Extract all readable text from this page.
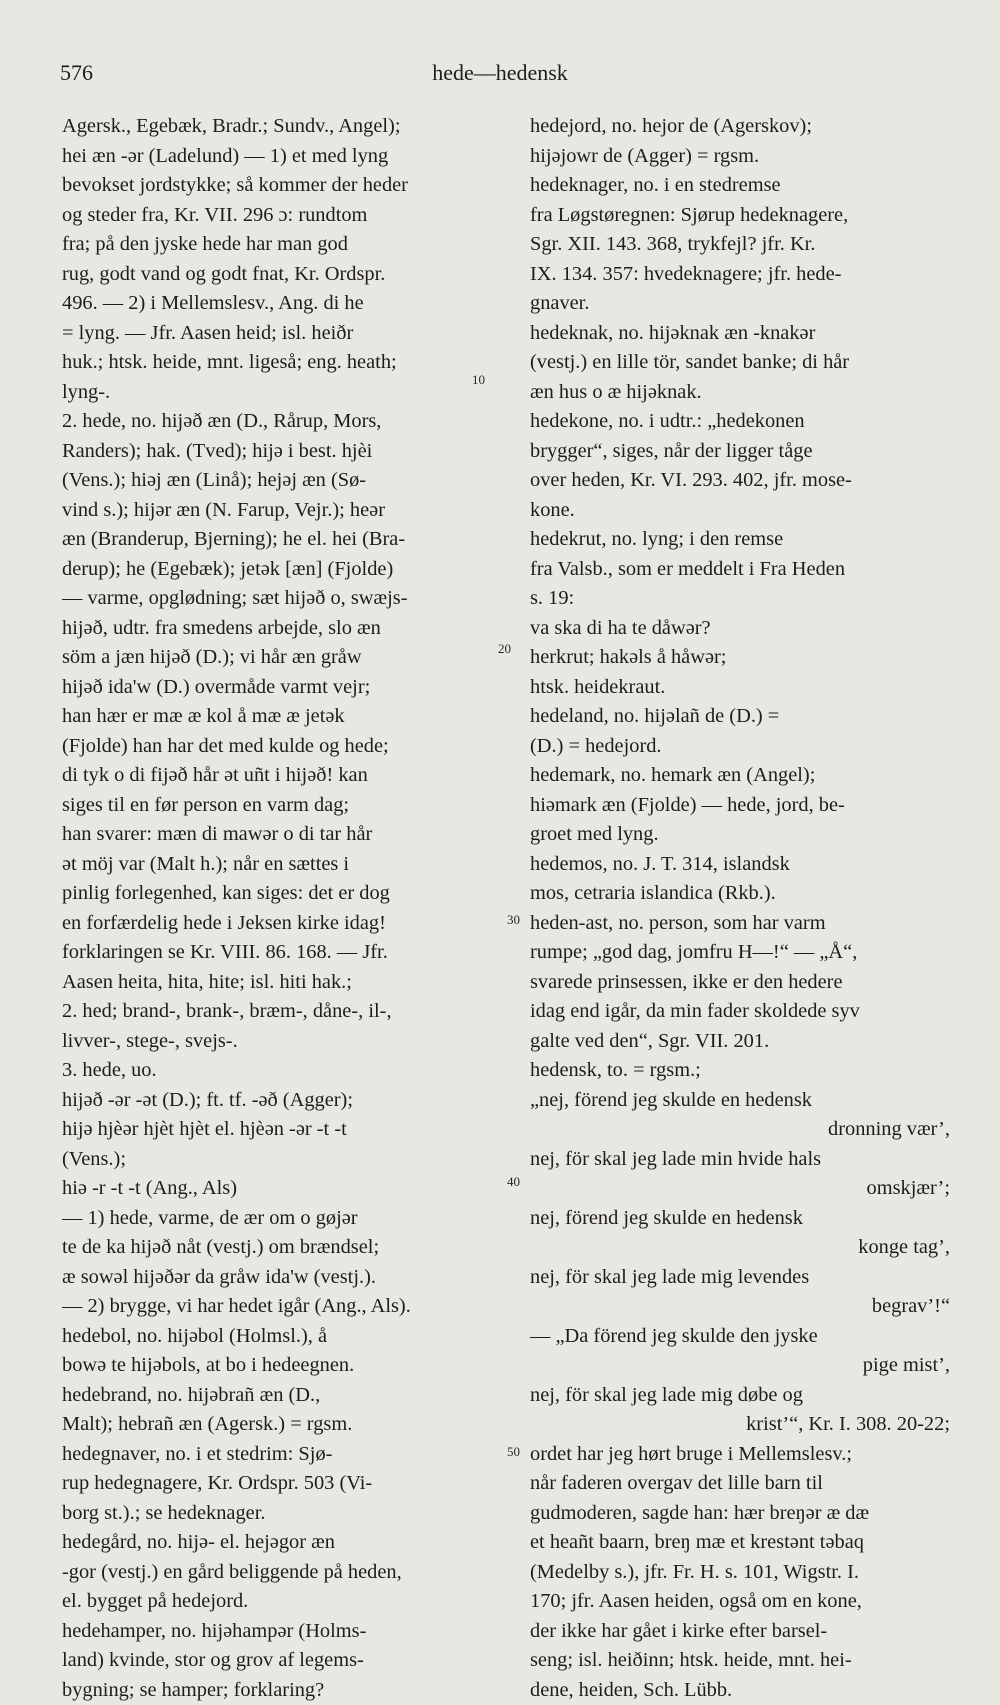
576	hede—hedensk
Agersk., Egebæk, Bradr.; Sundv., Angel);
hei æn -ər (Ladelund) — 1) et med lyng
bevokset jordstykke; så kommer der heder
og steder fra, Kr. VII. 296 ɔ: rundtom
fra; på den jyske hede har man god
rug, godt vand og godt fnat, Kr. Ordspr.
496. — 2) i Mellemslesv., Ang. di he
= lyng. — Jfr. Aasen heid; isl. heiðr
huk.; htsk. heide, mnt. ligeså; eng. heath;
lyng-.
2. hede, no. hijəð æn (D., Rårup, Mors,
Randers); hak. (Tved); hijə i best. hjèi
(Vens.); hiəj æn (Linå); hejəj æn (Sø-
vind s.); hijər æn (N. Farup, Vejr.); heər
æn (Branderup, Bjerning); he el. hei (Bra-
derup); he (Egebæk); jetək [æn] (Fjolde)
— varme, opglødning; sæt hijəð o, swæjs-
hijəð, udtr. fra smedens arbejde, slo æn
söm a jæn hijəð (D.); vi hår æn gråw
hijəð ida'w (D.) overmåde varmt vejr;
han hær er mæ æ kol å mæ æ jetək
(Fjolde) han har det med kulde og hede;
di tyk o di fijəð hår ət uñt i hijəð! kan
siges til en før person en varm dag;
han svarer: mæn di mawər o di tar hår
ət möj var (Malt h.); når en sættes i
pinlig forlegenhed, kan siges: det er dog
en forfærdelig hede i Jeksen kirke idag!
forklaringen se Kr. VIII. 86. 168. — Jfr.
Aasen heita, hita, hite; isl. hiti hak.;
2. hed; brand-, brank-, bræm-, dåne-, il-,
livver-, stege-, svejs-.
3. hede, uo.
hijəð -ər -ət (D.); ft. tf. -əð (Agger);
hijə hjèər hjèt hjèt el. hjèən -ər -t -t
(Vens.);
hiə -r -t -t (Ang., Als)
— 1) hede, varme, de ær om o gøjər
te de ka hijəð nåt (vestj.) om brændsel;
æ sowəl hijəðər da gråw ida'w (vestj.).
— 2) brygge, vi har hedet igår (Ang., Als).
hedebol, no. hijəbol (Holmsl.), å
bowə te hijəbols, at bo i hedeegnen.
hedebrand, no. hijəbrañ æn (D.,
Malt); hebrañ æn (Agersk.) = rgsm.
hedegnaver, no. i et stedrim: Sjø-
rup hedegnagere, Kr. Ordspr. 503 (Vi-
borg st.).; se hedeknager.
hedegård, no. hijə- el. hejəgor æn
-gor (vestj.) en gård beliggende på heden,
el. bygget på hedejord.
hedehamper, no. hijəhampər (Holms-
land) kvinde, stor og grov af legems-
bygning; se hamper; forklaring?
hedejord, no. hejor de (Agerskov);
hijəjowr de (Agger) = rgsm.
hedeknager, no. i en stedremse
fra Løgstøregnen: Sjørup hedeknagere,
Sgr. XII. 143. 368, trykfejl? jfr. Kr.
IX. 134. 357: hvedeknagere; jfr. hede-
gnaver.
hedeknak, no. hijəknak æn -knakər
(vestj.) en lille tör, sandet banke; di hår
æn hus o æ hijəknak.
hedekone, no. i udtr.: „hedekonen
brygger“, siges, når der ligger tåge
over heden, Kr. VI. 293. 402, jfr. mose-
kone.
hedekrut, no. lyng; i den remse
fra Valsb., som er meddelt i Fra Heden
s. 19:
va ska di ha te dåwər?
herkrut; hakəls å håwər;
htsk. heidekraut.
hedeland, no. hijəlañ de (D.) =
(D.) = hedejord.
hedemark, no. hemark æn (Angel);
hiəmark æn (Fjolde) — hede, jord, be-
groet med lyng.
hedemos, no. J. T. 314, islandsk
mos, cetraria islandica (Rkb.).
heden-ast, no. person, som har varm
rumpe; „god dag, jomfru H—!“ — „Å“,
svarede prinsessen, ikke er den hedere
idag end igår, da min fader skoldede syv
galte ved den“, Sgr. VII. 201.
hedensk, to. = rgsm.;
„nej, förend jeg skulde en hedensk
dronning vær’,
nej, för skal jeg lade min hvide hals
omskjær’;
nej, förend jeg skulde en hedensk
konge tag’,
nej, för skal jeg lade mig levendes
begrav’!“
— „Da förend jeg skulde den jyske
pige mist’,
nej, för skal jeg lade mig døbe og
krist’“, Kr. I. 308. 20-22;
ordet har jeg hørt bruge i Mellemslesv.;
når faderen overgav det lille barn til
gudmoderen, sagde han: hær breŋər æ dæ
et heañt baarn, breŋ mæ et krestənt təbaq
(Medelby s.), jfr. Fr. H. s. 101, Wigstr. I.
170; jfr. Aasen heiden, også om en kone,
der ikke har gået i kirke efter barsel-
seng; isl. heiðinn; htsk. heide, mnt. hei-
dene, heiden, Sch. Lübb.
10
20
30
40
50
